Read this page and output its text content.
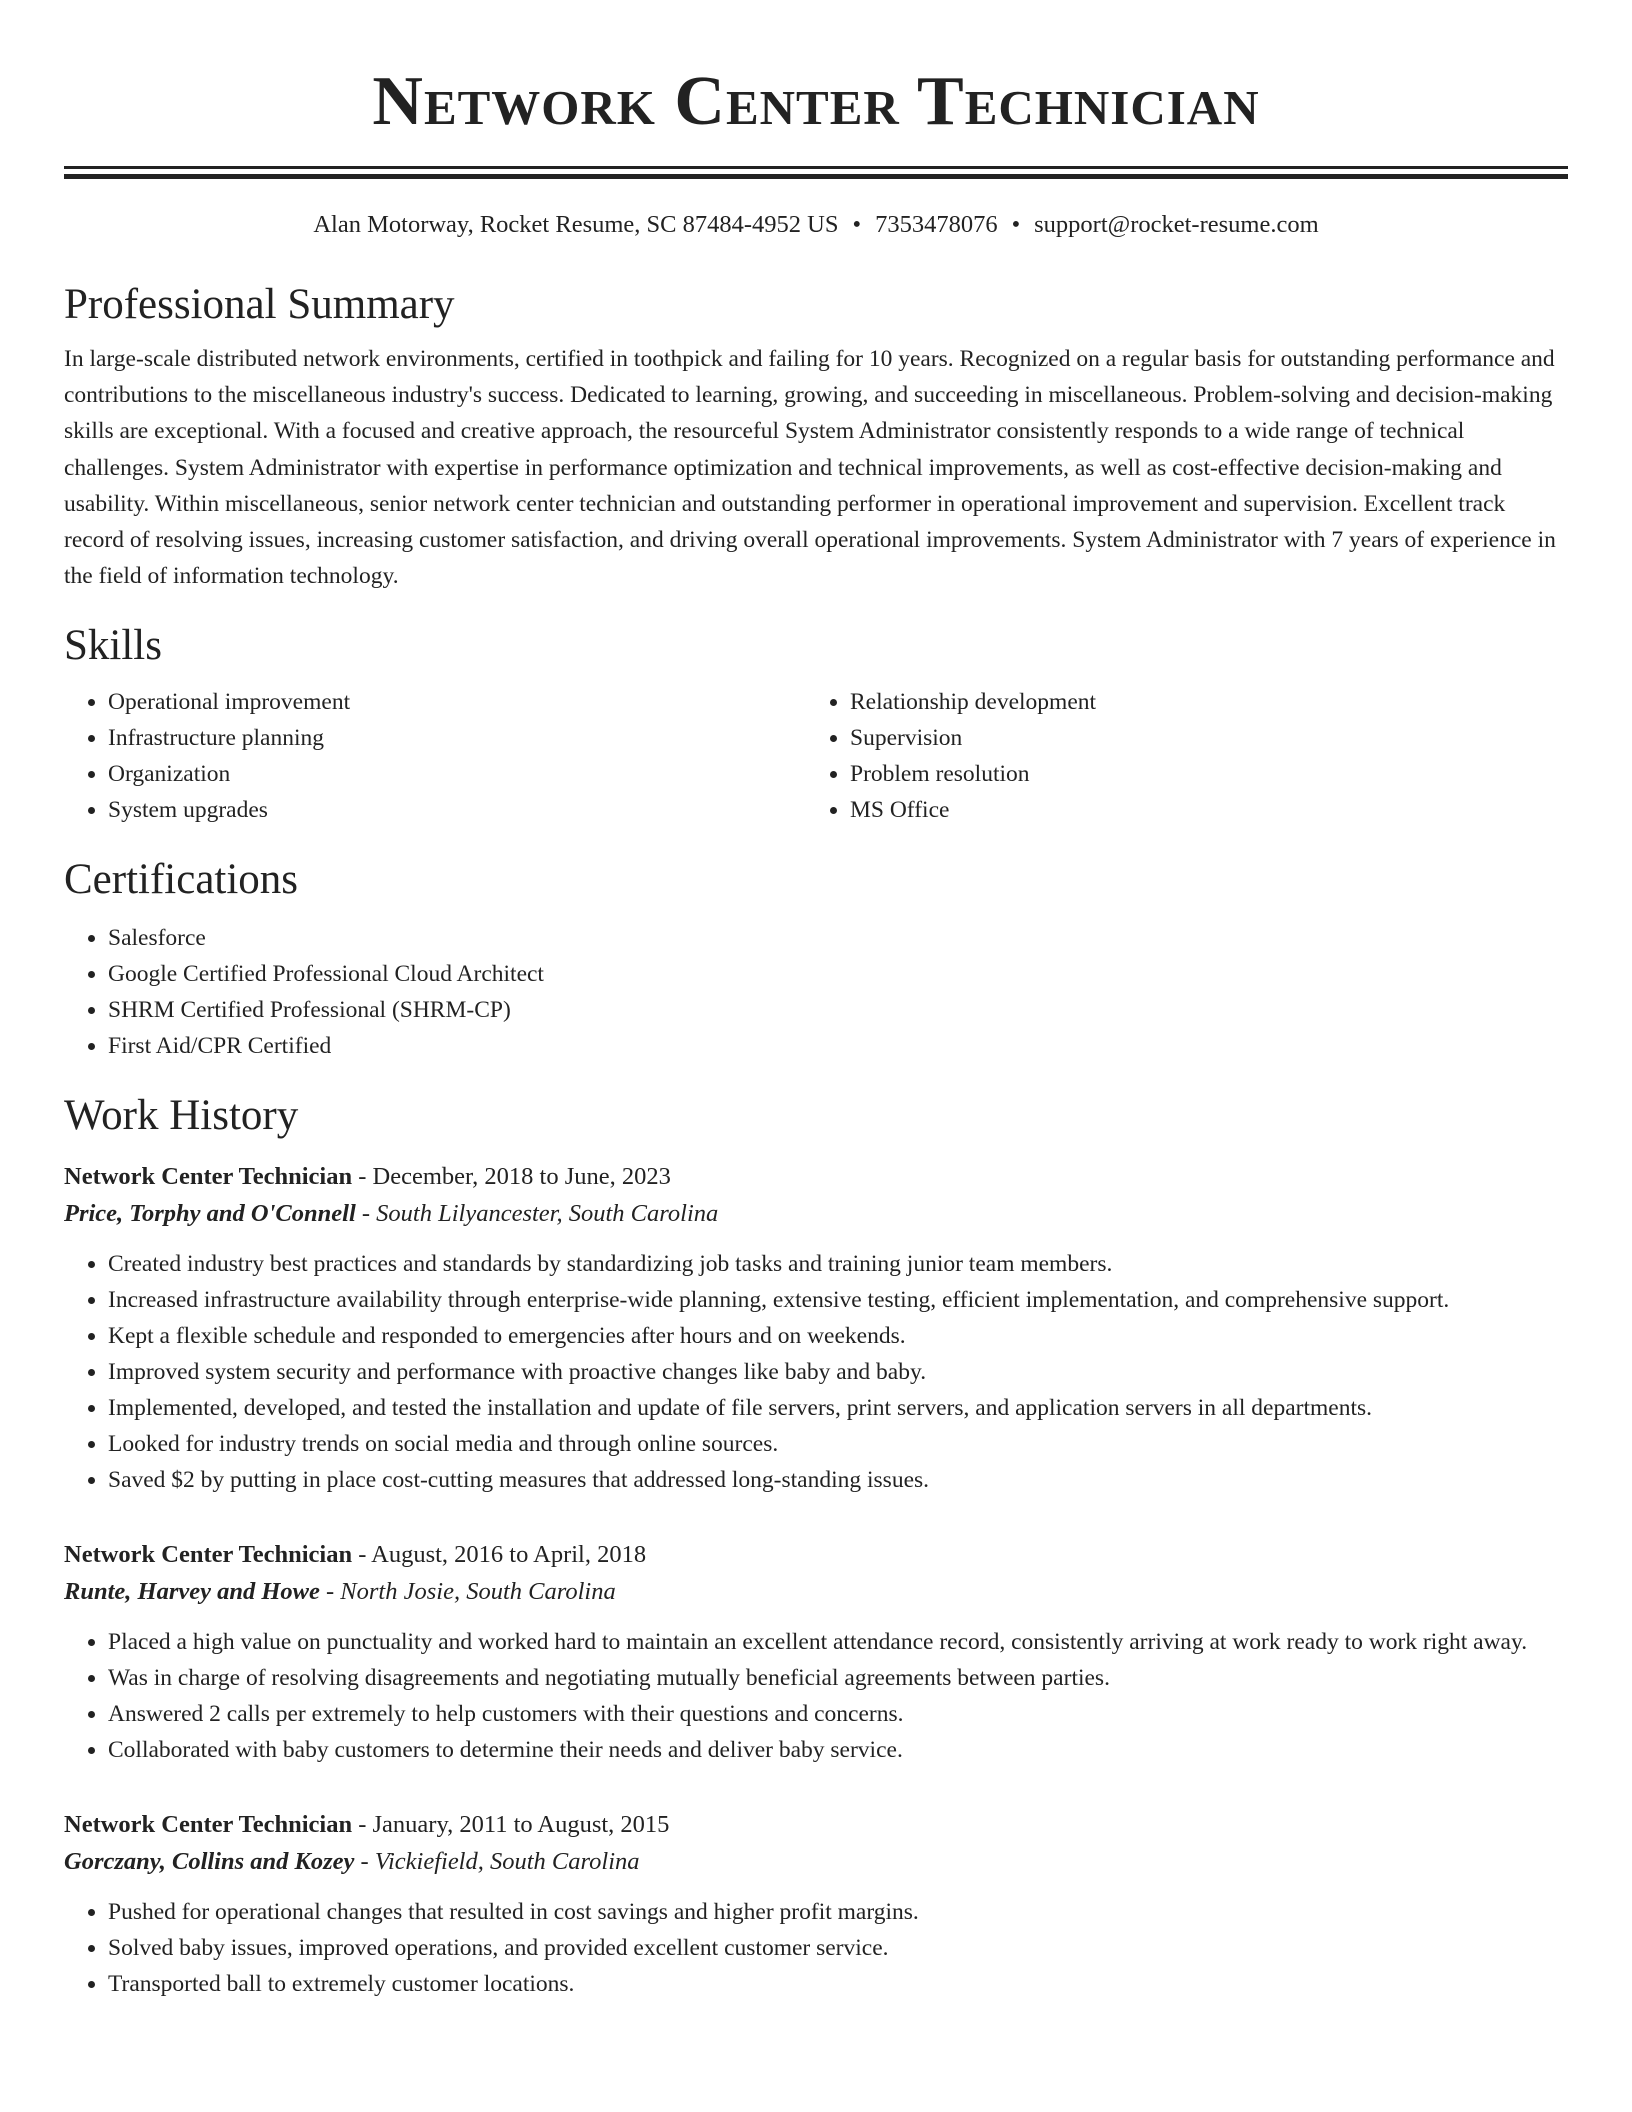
Network Center Technician
Alan Motorway, Rocket Resume, SC 87484-4952 US • 7353478076 • support@rocket-resume.com
Professional Summary

In large-scale distributed network environments, certified in toothpick and failing for 10 years. Recognized on a regular basis for outstanding performance and contributions to the miscellaneous industry's success. Dedicated to learning, growing, and succeeding in miscellaneous. Problem-solving and decision-making skills are exceptional. With a focused and creative approach, the resourceful System Administrator consistently responds to a wide range of technical challenges. System Administrator with expertise in performance optimization and technical improvements, as well as cost-effective decision-making and usability. Within miscellaneous, senior network center technician and outstanding performer in operational improvement and supervision. Excellent track record of resolving issues, increasing customer satisfaction, and driving overall operational improvements. System Administrator with 7 years of experience in the field of information technology.

Skills
• Operational improvement
• Infrastructure planning
• Organization
• System upgrades
• Relationship development
• Supervision
• Problem resolution
• MS Office
Certifications
• Salesforce
• Google Certified Professional Cloud Architect
• SHRM Certified Professional (SHRM-CP)
• First Aid/CPR Certified
Work History
Network Center Technician - December, 2018 to June, 2023
Price, Torphy and O'Connell - South Lilyancester, South Carolina
• Created industry best practices and standards by standardizing job tasks and training junior team members.
• Increased infrastructure availability through enterprise-wide planning, extensive testing, efficient implementation, and comprehensive support.
• Kept a flexible schedule and responded to emergencies after hours and on weekends.
• Improved system security and performance with proactive changes like baby and baby.
• Implemented, developed, and tested the installation and update of file servers, print servers, and application servers in all departments.
• Looked for industry trends on social media and through online sources.
• Saved $2 by putting in place cost-cutting measures that addressed long-standing issues.
Network Center Technician - August, 2016 to April, 2018
Runte, Harvey and Howe - North Josie, South Carolina
• Placed a high value on punctuality and worked hard to maintain an excellent attendance record, consistently arriving at work ready to work right away.
• Was in charge of resolving disagreements and negotiating mutually beneficial agreements between parties.
• Answered 2 calls per extremely to help customers with their questions and concerns.
• Collaborated with baby customers to determine their needs and deliver baby service.
Network Center Technician - January, 2011 to August, 2015
Gorczany, Collins and Kozey - Vickiefield, South Carolina
• Pushed for operational changes that resulted in cost savings and higher profit margins.
• Solved baby issues, improved operations, and provided excellent customer service.
• Transported ball to extremely customer locations.
